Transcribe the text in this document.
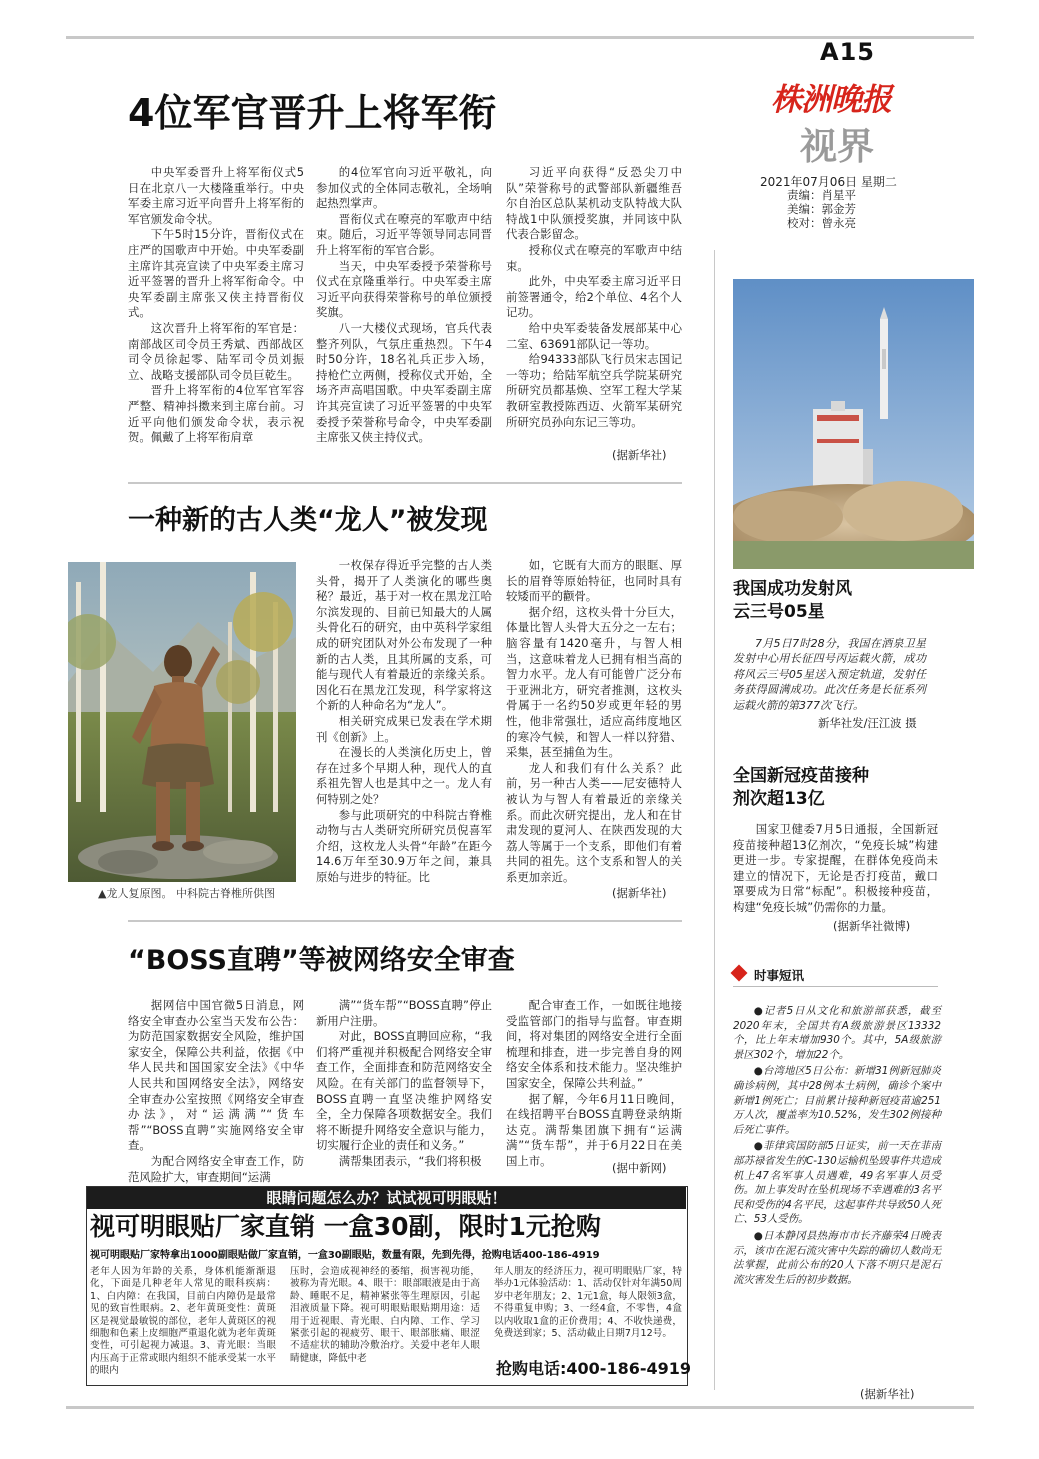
A15
株洲晚报
视界
2021年07月06日 星期二
责编：肖星平
美编：郭金芳
校对：曾永亮
4位军官晋升上将军衔

中央军委晋升上将军衔仪式5日在北京八一大楼隆重举行。中央军委主席习近平向晋升上将军衔的军官颁发命令状。

下午5时15分许，晋衔仪式在庄严的国歌声中开始。中央军委副主席许其亮宣读了中央军委主席习近平签署的晋升上将军衔命令。中央军委副主席张又侠主持晋衔仪式。

这次晋升上将军衔的军官是：南部战区司令员王秀斌、西部战区司令员徐起零、陆军司令员刘振立、战略支援部队司令员巨乾生。

晋升上将军衔的4位军官军容严整、精神抖擞来到主席台前。习近平向他们颁发命令状，表示祝贺。佩戴了上将军衔肩章

的4位军官向习近平敬礼，向参加仪式的全体同志敬礼，全场响起热烈掌声。

晋衔仪式在嘹亮的军歌声中结束。随后，习近平等领导同志同晋升上将军衔的军官合影。

当天，中央军委授予荣誉称号仪式在京隆重举行。中央军委主席习近平向获得荣誉称号的单位颁授奖旗。

八一大楼仪式现场，官兵代表整齐列队，气氛庄重热烈。下午4时50分许，18名礼兵正步入场，持枪伫立两侧，授称仪式开始，全场齐声高唱国歌。中央军委副主席许其亮宣读了习近平签署的中央军委授予荣誉称号命令，中央军委副主席张又侠主持仪式。

习近平向获得“反恐尖刀中队”荣誉称号的武警部队新疆维吾尔自治区总队某机动支队特战大队特战1中队颁授奖旗，并同该中队代表合影留念。

授称仪式在嘹亮的军歌声中结束。

此外，中央军委主席习近平日前签署通令，给2个单位、4名个人记功。

给中央军委装备发展部某中心二室、63691部队记一等功。

给94333部队飞行员宋志国记一等功；给陆军航空兵学院某研究所研究员都基焕、空军工程大学某教研室教授陈西迈、火箭军某研究所研究员孙向东记三等功。

(据新华社)
一种新的古人类“龙人”被发现
▲龙人复原图。 中科院古脊椎所供图

一枚保存得近乎完整的古人类头骨，揭开了人类演化的哪些奥秘？最近，基于对一枚在黑龙江哈尔滨发现的、目前已知最大的人属头骨化石的研究，由中英科学家组成的研究团队对外公布发现了一种新的古人类，且其所属的支系，可能与现代人有着最近的亲缘关系。因化石在黑龙江发现，科学家将这个新的人种命名为“龙人”。

相关研究成果已发表在学术期刊《创新》上。

在漫长的人类演化历史上，曾存在过多个早期人种，现代人的直系祖先智人也是其中之一。龙人有何特别之处？

参与此项研究的中科院古脊椎动物与古人类研究所研究员倪喜军介绍，这枚龙人头骨“年龄”在距今14.6万年至30.9万年之间，兼具原始与进步的特征。比

如，它既有大而方的眼眶、厚长的眉脊等原始特征，也同时具有较矮而平的颧骨。

据介绍，这枚头骨十分巨大，体量比智人头骨大五分之一左右；脑容量有1420毫升，与智人相当，这意味着龙人已拥有相当高的智力水平。龙人有可能曾广泛分布于亚洲北方，研究者推测，这枚头骨属于一名约50岁或更年轻的男性，他非常强壮，适应高纬度地区的寒冷气候，和智人一样以狩猎、采集，甚至捕鱼为生。

龙人和我们有什么关系？此前，另一种古人类——尼安德特人被认为与智人有着最近的亲缘关系。而此次研究提出，龙人和在甘肃发现的夏河人、在陕西发现的大荔人等属于一个支系，即他们有着共同的祖先。这个支系和智人的关系更加亲近。

(据新华社)
“BOSS直聘”等被网络安全审查

据网信中国官微5日消息，网络安全审查办公室当天发布公告：为防范国家数据安全风险，维护国家安全，保障公共利益，依据《中华人民共和国国家安全法》《中华人民共和国网络安全法》，网络安全审查办公室按照《网络安全审查办法》，对“运满满”“货车帮”“BOSS直聘”实施网络安全审查。

为配合网络安全审查工作，防范风险扩大，审查期间“运满

满”“货车帮”“BOSS直聘”停止新用户注册。

对此，BOSS直聘回应称，“我们将严重视并积极配合网络安全审查工作，全面排查和防范网络安全风险。在有关部门的监督领导下，BOSS直聘一直坚决维护网络安全，全力保障各项数据安全。我们将不断提升网络安全意识与能力，切实履行企业的责任和义务。”

满帮集团表示，“我们将积极

配合审查工作，一如既往地接受监管部门的指导与监督。审查期间，将对集团的网络安全进行全面梳理和排查，进一步完善自身的网络安全体系和技术能力。坚决维护国家安全，保障公共利益。”

据了解，今年6月11日晚间，在线招聘平台BOSS直聘登录纳斯达克。满帮集团旗下拥有“运满满”“货车帮”，并于6月22日在美国上市。

(据中新网)
眼睛问题怎么办？试试视可明眼贴！
视可明眼贴厂家直销 一盒30副，限时1元抢购
视可明眼贴厂家特拿出1000副眼贴做厂家直销，一盒30副眼贴，数量有限，先到先得，抢购电话400-186-4919
老年人因为年龄的关系，身体机能渐渐退化，下面是几种老年人常见的眼科疾病：1、白内障：在我国，目前白内障仍是最常见的致盲性眼病。2、老年黄斑变性：黄斑区是视觉最敏锐的部位，老年人黄斑区的视细胞和色素上皮细胞严重退化就为老年黄斑变性，可引起视力减退。3、青光眼：当眼内压高于正常或眼内组织不能承受某一水平的眼内
压时，会造成视神经的萎缩，损害视功能，被称为青光眼。4、眼干：眼部眼液是由于高龄、睡眠不足，精神紧张等生理原因，引起泪液质量下降。视可明眼贴眼贴期用途：适用于近视眼、青光眼、白内障、工作、学习紧张引起的视疲劳、眼干、眼部胀痛、眼涩不适症状的辅助冷敷治疗。关爱中老年人眼睛健康，降低中老
年人朋友的经济压力，视可明眼贴厂家，特举办1元体验活动：1、活动仅针对年满50周岁中老年朋友；2、1元1盒，每人限领3盒，不得重复申购；3、一经4盒，不零售，4盒以内收取1盒的正价费用；4、不收快递费，免费送到家；5、活动截止日期7月12号。
抢购电话:400-186-4919
我国成功发射风云三号05星
7月5日7时28分，我国在酒泉卫星发射中心用长征四号丙运载火箭，成功将风云三号05星送入预定轨道，发射任务获得圆满成功。此次任务是长征系列运载火箭的第377次飞行。
新华社发/汪江波 摄
全国新冠疫苗接种剂次超13亿
国家卫健委7月5日通报，全国新冠疫苗接种超13亿剂次，“免疫长城”构建更进一步。专家提醒，在群体免疫尚未建立的情况下，无论是否打疫苗，戴口罩要成为日常“标配”。积极接种疫苗，构建“免疫长城”仍需你的力量。
(据新华社微博)
时事短讯

●记者5日从文化和旅游部获悉，截至2020年末，全国共有A级旅游景区13332个，比上年末增加930个。其中，5A级旅游景区302个，增加22个。

●台湾地区5日公布：新增31例新冠肺炎确诊病例，其中28例本土病例，确诊个案中新增1例死亡；目前累计接种新冠疫苗逾251万人次，覆盖率为10.52%，发生302例接种后死亡事件。

●菲律宾国防部5日证实，前一天在菲南部苏禄省发生的C-130运输机坠毁事件共造成机上47名军事人员遇难，49名军事人员受伤。加上事发时在坠机现场不幸遇难的3名平民和受伤的4名平民，这起事件共导致50人死亡、53人受伤。

●日本静冈县热海市市长齐藤荣4日晚表示，该市在泥石流灾害中失踪的确切人数尚无法掌握，此前公布的20人下落不明只是泥石流灾害发生后的初步数据。

(据新华社)
